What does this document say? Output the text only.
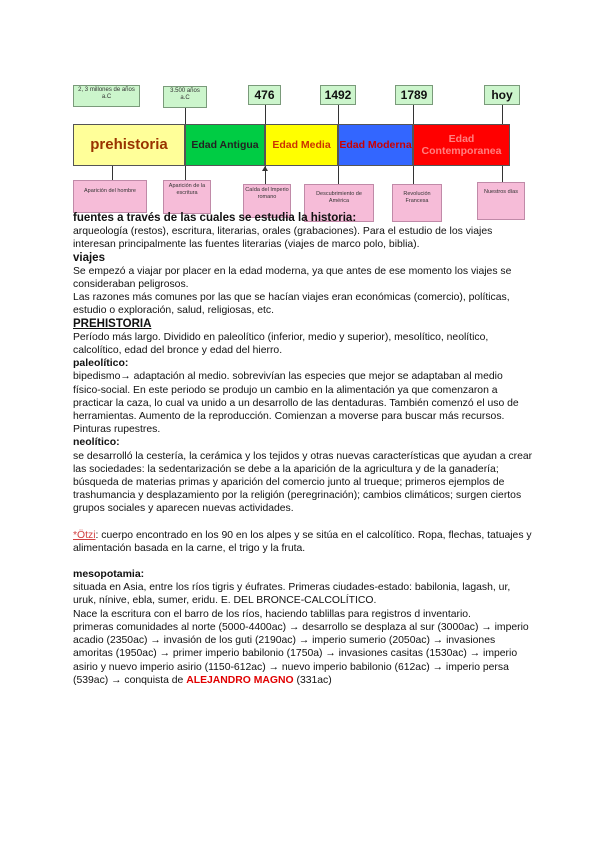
2, 3 millones de años a.C
3.500 años a.C	476	1492	1789	hoy
prehistoria Edad Antigua Edad Media Edad Moderna	Edad Contemporanea
Aparición del hombre
Aparición de la escritura	Caída del Imperio romano	Descubrimiento de América
Revolución Francesa
Nuestros días

fuentes a través de las cuales se estudia la historia:

arqueología (restos), escritura, literarias, orales (grabaciones). Para el estudio de los viajes interesan principalmente las fuentes literarias (viajes de marco polo, biblia).

viajes

Se empezó a viajar por placer en la edad moderna, ya que antes de ese momento los viajes se consideraban peligrosos.

Las razones más comunes por las que se hacían viajes eran económicas (comercio), políticas, estudio o exploración, salud, religiosas, etc.

PREHISTORIA

Período más largo. Dividido en paleolítico (inferior, medio y superior), mesolítico, neolítico, calcolítico, edad del bronce y edad del hierro.

paleolítico:

bipedismo→ adaptación al medio. sobrevivían las especies que mejor se adaptaban al medio físico-social. En este periodo se produjo un cambio en la alimentación ya que comenzaron a practicar la caza, lo cual va unido a un desarrollo de las dentaduras. También comenzó el uso de herramientas. Aumento de la reproducción. Comienzan a moverse para buscar más recursos. Pinturas rupestres.

neolítico:

se desarrolló la cestería, la cerámica y los tejidos y otras nuevas características que ayudan a crear las sociedades: la sedentarización se debe a la aparición de la agricultura y de la ganadería; búsqueda de materias primas y aparición del comercio junto al trueque; primeros ejemplos de trashumancia y desplazamiento por la religión (peregrinación); cambios climáticos; surgen ciertos grupos sociales y aparecen nuevas actividades.

*Ötzi: cuerpo encontrado en los 90 en los alpes y se sitúa en el calcolítico. Ropa, flechas, tatuajes y alimentación basada en la carne, el trigo y la fruta.

mesopotamia:

situada en Asia, entre los ríos tigris y éufrates. Primeras ciudades-estado: babilonia, lagash, ur, uruk, nínive, ebla, sumer, eridu. E. DEL BRONCE-CALCOLÍTICO.

Nace la escritura con el barro de los ríos, haciendo tablillas para registros d inventario.

primeras comunidades al norte (5000-4400ac) → desarrollo se desplaza al sur (3000ac) → imperio acadio (2350ac) → invasión de los guti (2190ac) → imperio sumerio (2050ac) → invasiones amoritas (1950ac) → primer imperio babilonio (1750a) → invasiones casitas (1530ac) → imperio asirio y nuevo imperio asirio (1150-612ac) → nuevo imperio babilonio (612ac) → imperio persa (539ac) → conquista de ALEJANDRO MAGNO (331ac)
